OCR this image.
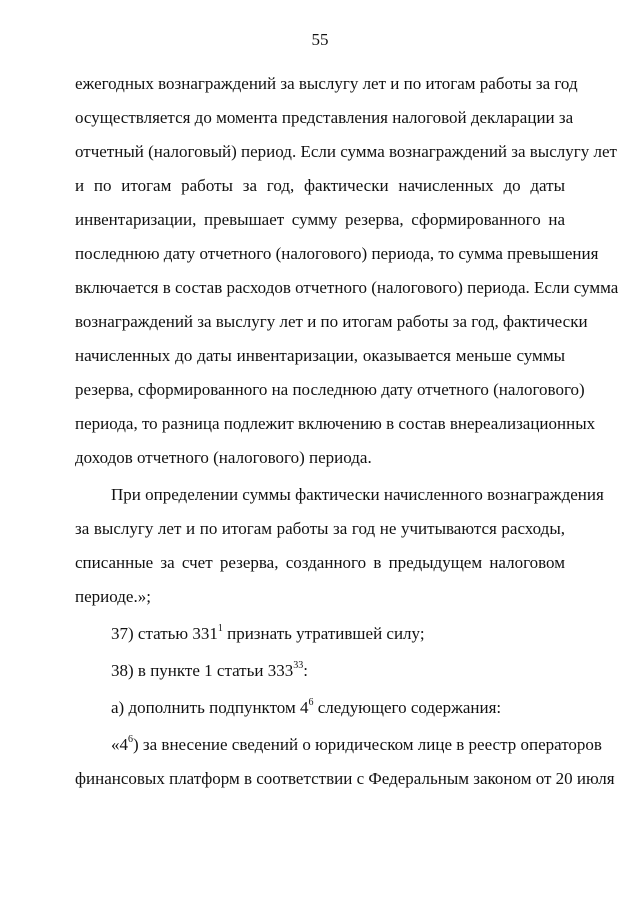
55
ежегодных вознаграждений за выслугу лет и по итогам работы за год
осуществляется до момента представления налоговой декларации за
отчетный (налоговый) период. Если сумма вознаграждений за выслугу лет
и по итогам работы за год, фактически начисленных до даты
инвентаризации, превышает сумму резерва, сформированного на
последнюю дату отчетного (налогового) периода, то сумма превышения
включается в состав расходов отчетного (налогового) периода. Если сумма
вознаграждений за выслугу лет и по итогам работы за год, фактически
начисленных до даты инвентаризации, оказывается меньше суммы
резерва, сформированного на последнюю дату отчетного (налогового)
периода, то разница подлежит включению в состав внереализационных
доходов отчетного (налогового) периода.
При определении суммы фактически начисленного вознаграждения
за выслугу лет и по итогам работы за год не учитываются расходы,
списанные за счет резерва, созданного в предыдущем налоговом
периоде.»;
37) статью $331^1$ признать утратившей силу;
38) в пункте 1 статьи $333^{33}$:
а) дополнить подпунктом $4^6$ следующего содержания:
«$4^6$) за внесение сведений о юридическом лице в реестр операторов
финансовых платформ в соответствии с Федеральным законом от 20 июля
